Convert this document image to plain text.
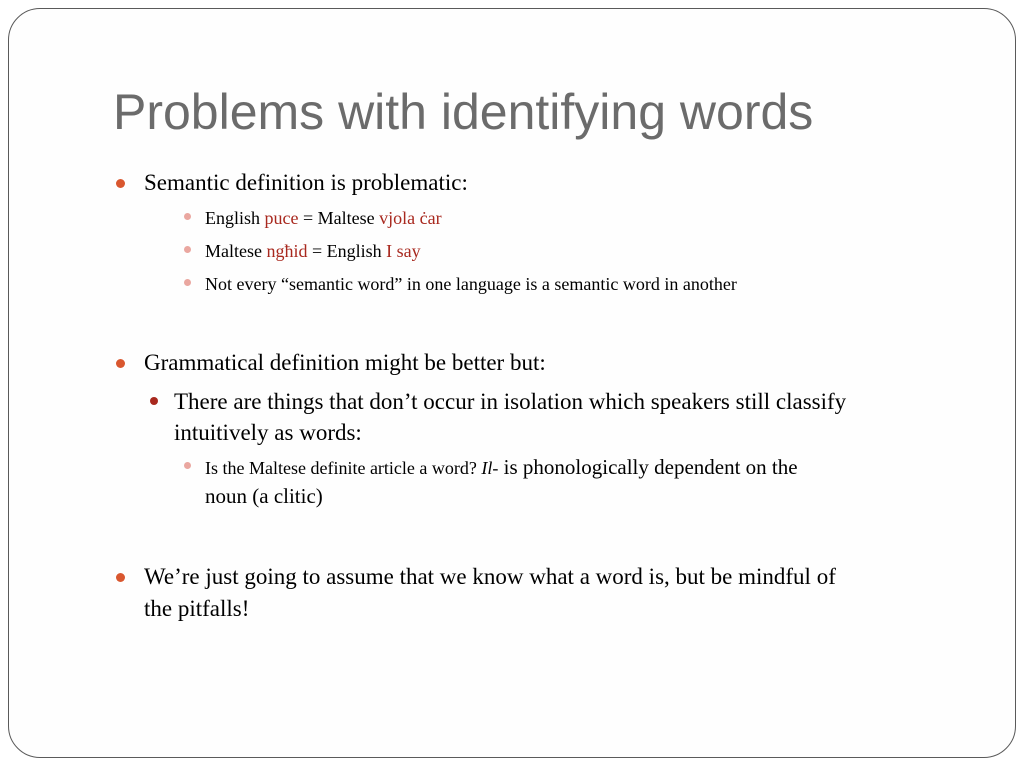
Problems with identifying words

Semantic definition is problematic:

English puce = Maltese vjola ċar

Maltese ngħid = English I say

Not every “semantic word” in one language is a semantic word in another

Grammatical definition might be better but:

There are things that don’t occur in isolation which speakers still classify

intuitively as words:

Is the Maltese definite article a word? Il- is phonologically dependent on the

noun (a clitic)

We’re just going to assume that we know what a word is, but be mindful of

the pitfalls!
